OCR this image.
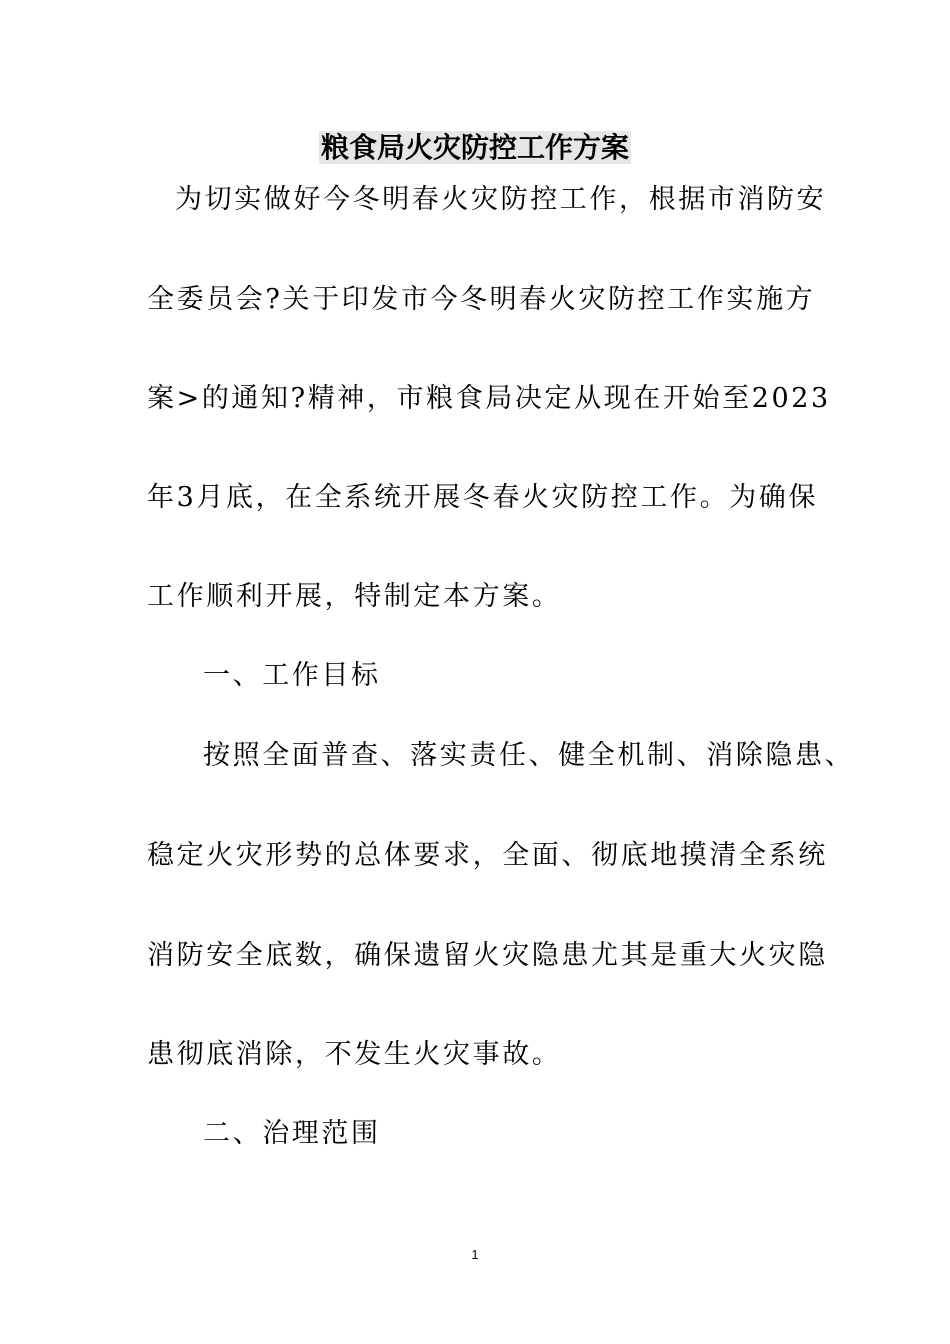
粮食局火灾防控工作方案
为切实做好今冬明春火灾防控工作，根据市消防安
全委员会?关于印发市今冬明春火灾防控工作实施方
案>的通知?精神，市粮食局决定从现在开始至2023
年3月底，在全系统开展冬春火灾防控工作。为确保
工作顺利开展，特制定本方案。
一、工作目标
按照全面普查、落实责任、健全机制、消除隐患、
稳定火灾形势的总体要求，全面、彻底地摸清全系统
消防安全底数，确保遗留火灾隐患尤其是重大火灾隐
患彻底消除，不发生火灾事故。
二、治理范围
1
